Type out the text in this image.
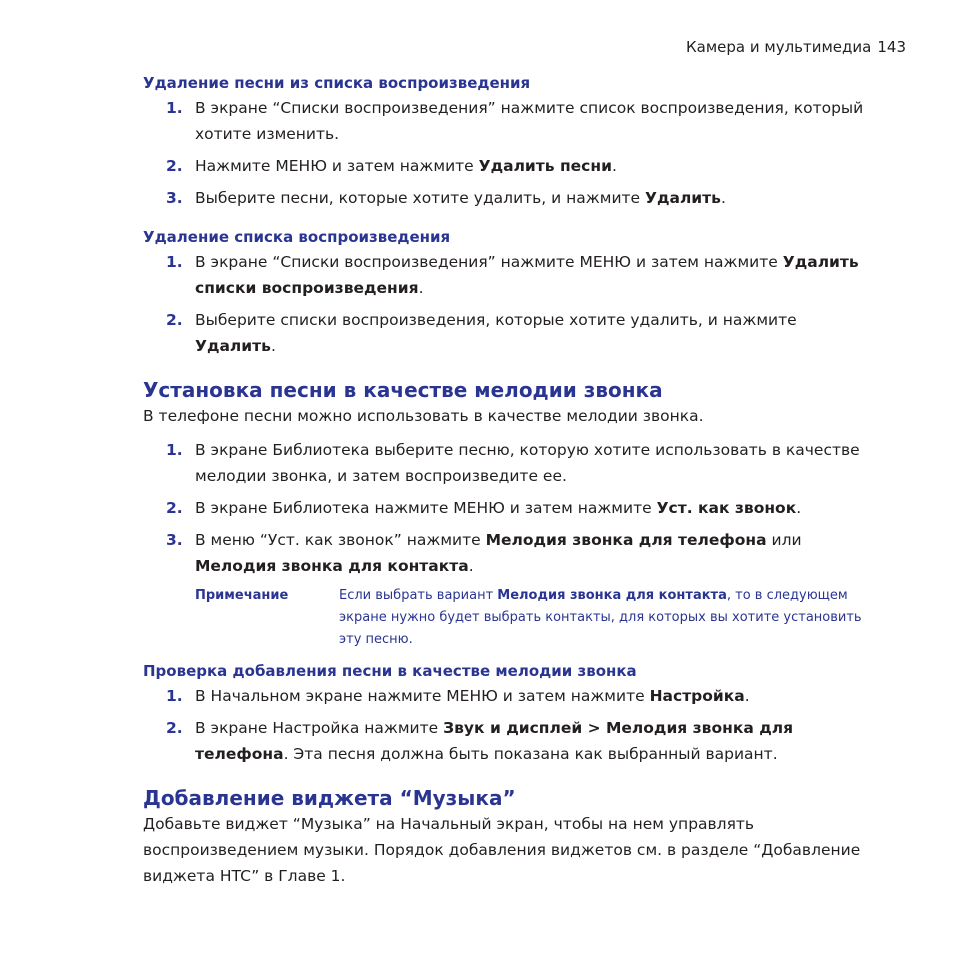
Камера и мультимедиа 143
Удаление песни из списка воспроизведения
1. В экране “Списки воспроизведения” нажмите список воспроизведения, который хотите изменить.
2. Нажмите МЕНЮ и затем нажмите Удалить песни.
3. Выберите песни, которые хотите удалить, и нажмите Удалить.
Удаление списка воспроизведения
1. В экране “Списки воспроизведения” нажмите МЕНЮ и затем нажмите Удалить списки воспроизведения.
2. Выберите списки воспроизведения, которые хотите удалить, и нажмите Удалить.
Установка песни в качестве мелодии звонка

В телефоне песни можно использовать в качестве мелодии звонка.

1. В экране Библиотека выберите песню, которую хотите использовать в качестве мелодии звонка, и затем воспроизведите ее.
2. В экране Библиотека нажмите МЕНЮ и затем нажмите Уст. как звонок.
3. В меню “Уст. как звонок” нажмите Мелодия звонка для телефона или Мелодия звонка для контакта.
Примечание	Если выбрать вариант Мелодия звонка для контакта, то в следующем экране нужно будет выбрать контакты, для которых вы хотите установить эту песню.
Проверка добавления песни в качестве мелодии звонка
1. В Начальном экране нажмите МЕНЮ и затем нажмите Настройка.
2. В экране Настройка нажмите Звук и дисплей > Мелодия звонка для телефона. Эта песня должна быть показана как выбранный вариант.
Добавление виджета “Музыка”

Добавьте виджет “Музыка” на Начальный экран, чтобы на нем управлять воспроизведением музыки. Порядок добавления виджетов см. в разделе “Добавление виджета HTC” в Главе 1.
